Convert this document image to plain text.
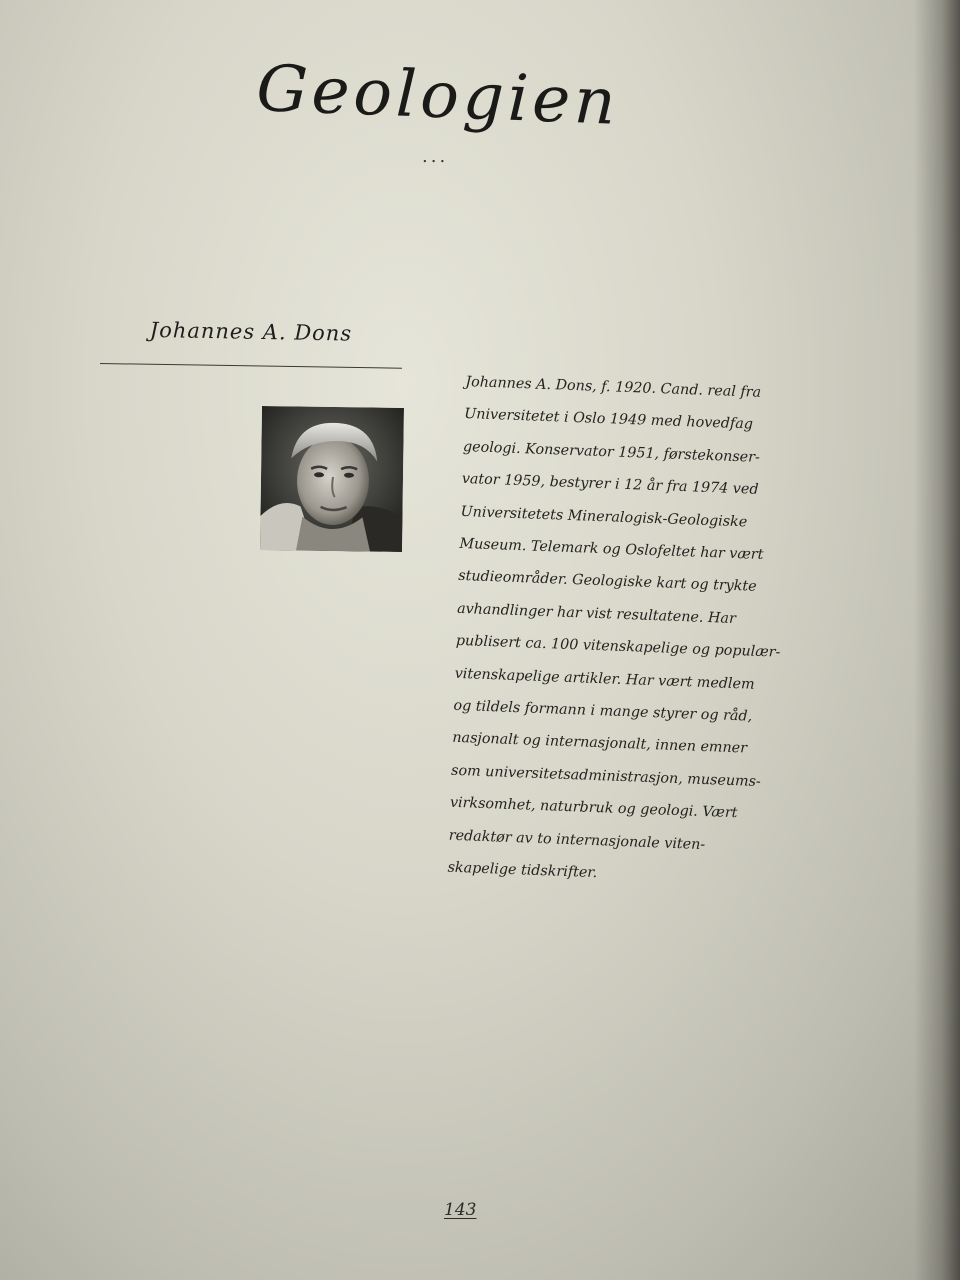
Geologien
...
Johannes A. Dons
Johannes A. Dons, f. 1920. Cand. real fra
Universitetet i Oslo 1949 med hovedfag
geologi. Konservator 1951, førstekonser-
vator 1959, bestyrer i 12 år fra 1974 ved
Universitetets Mineralogisk-Geologiske
Museum. Telemark og Oslofeltet har vært
studieområder. Geologiske kart og trykte
avhandlinger har vist resultatene. Har
publisert ca. 100 vitenskapelige og populær-
vitenskapelige artikler. Har vært medlem
og tildels formann i mange styrer og råd,
nasjonalt og internasjonalt, innen emner
som universitetsadministrasjon, museums-
virksomhet, naturbruk og geologi. Vært
redaktør av to internasjonale viten-
skapelige tidskrifter.
143
